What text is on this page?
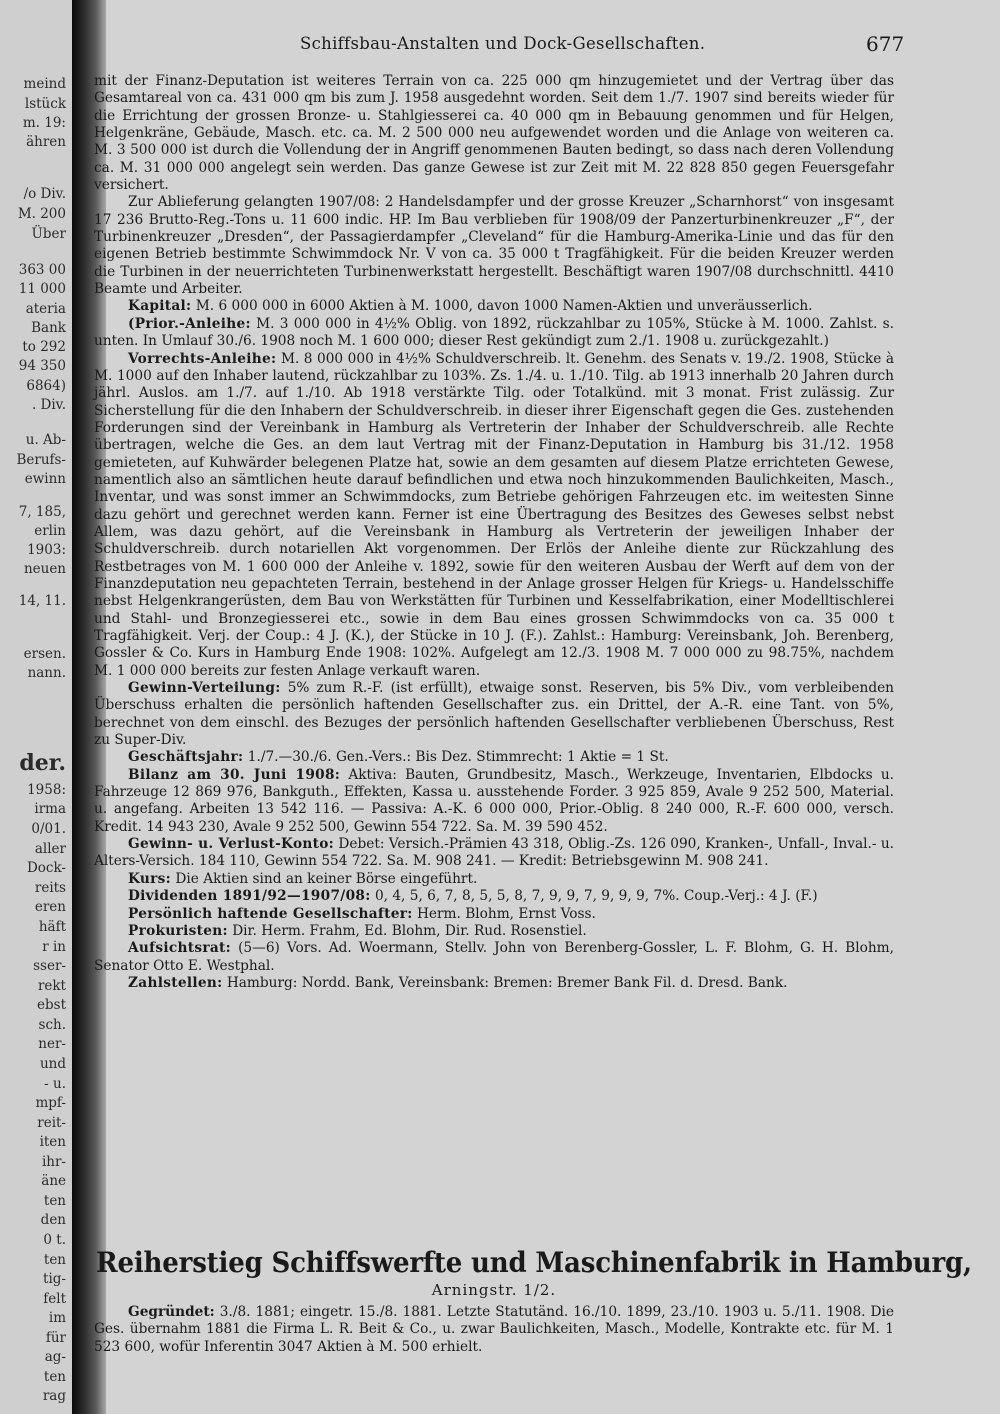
meind
lstück
m. 19:
ähren
/o Div.
M. 200
Über
363 00
11 000
ateria
Bank
to 292
94 350
6864)
. Div.
u. Ab-
Berufs-
ewinn
7, 185,
erlin
1903:
neuen
14, 11.
ersen.
nann.
der.
1958:
irma
0/01.
aller
Dock-
reits
eren
häft
r in
sser-
rekt
ebst
sch.
ner-
und
- u.
mpf-
reit-
iten
ihr-
äne
ten
den
0 t.
ten
tig-
felt
im
für
ag-
ten
rag
Schiffsbau-Anstalten und Dock-Gesellschaften.	677

mit der Finanz-Deputation ist weiteres Terrain von ca. 225 000 qm hinzugemietet und der Vertrag über das Gesamtareal von ca. 431 000 qm bis zum J. 1958 ausgedehnt worden. Seit dem 1./7. 1907 sind bereits wieder für die Errichtung der grossen Bronze- u. Stahlgiesserei ca. 40 000 qm in Bebauung genommen und für Helgen, Helgenkräne, Gebäude, Masch. etc. ca. M. 2 500 000 neu aufgewendet worden und die Anlage von weiteren ca. M. 3 500 000 ist durch die Vollendung der in Angriff genommenen Bauten bedingt, so dass nach deren Vollendung ca. M. 31 000 000 angelegt sein werden. Das ganze Gewese ist zur Zeit mit M. 22 828 850 gegen Feuersgefahr versichert.

Zur Ablieferung gelangten 1907/08: 2 Handelsdampfer und der grosse Kreuzer „Scharnhorst“ von insgesamt 17 236 Brutto-Reg.-Tons u. 11 600 indic. HP. Im Bau verblieben für 1908/09 der Panzerturbinenkreuzer „F“, der Turbinenkreuzer „Dresden“, der Passagierdampfer „Cleveland“ für die Hamburg-Amerika-Linie und das für den eigenen Betrieb bestimmte Schwimmdock Nr. V von ca. 35 000 t Tragfähigkeit. Für die beiden Kreuzer werden die Turbinen in der neuerrichteten Turbinenwerkstatt hergestellt. Beschäftigt waren 1907/08 durchschnittl. 4410 Beamte und Arbeiter.

Kapital: M. 6 000 000 in 6000 Aktien à M. 1000, davon 1000 Namen-Aktien und unveräusserlich.

(Prior.-Anleihe: M. 3 000 000 in 4½% Oblig. von 1892, rückzahlbar zu 105%, Stücke à M. 1000. Zahlst. s. unten. In Umlauf 30./6. 1908 noch M. 1 600 000; dieser Rest gekündigt zum 2./1. 1908 u. zurückgezahlt.)

Vorrechts-Anleihe: M. 8 000 000 in 4½% Schuldverschreib. lt. Genehm. des Senats v. 19./2. 1908, Stücke à M. 1000 auf den Inhaber lautend, rückzahlbar zu 103%. Zs. 1./4. u. 1./10. Tilg. ab 1913 innerhalb 20 Jahren durch jährl. Auslos. am 1./7. auf 1./10. Ab 1918 verstärkte Tilg. oder Totalkünd. mit 3 monat. Frist zulässig. Zur Sicherstellung für die den Inhabern der Schuldverschreib. in dieser ihrer Eigenschaft gegen die Ges. zustehenden Forderungen sind der Vereinbank in Hamburg als Vertreterin der Inhaber der Schuldverschreib. alle Rechte übertragen, welche die Ges. an dem laut Vertrag mit der Finanz-Deputation in Hamburg bis 31./12. 1958 gemieteten, auf Kuhwärder belegenen Platze hat, sowie an dem gesamten auf diesem Platze errichteten Gewese, namentlich also an sämtlichen heute darauf befindlichen und etwa noch hinzukommenden Baulichkeiten, Masch., Inventar, und was sonst immer an Schwimmdocks, zum Betriebe gehörigen Fahrzeugen etc. im weitesten Sinne dazu gehört und gerechnet werden kann. Ferner ist eine Übertragung des Besitzes des Geweses selbst nebst Allem, was dazu gehört, auf die Vereinsbank in Hamburg als Vertreterin der jeweiligen Inhaber der Schuldverschreib. durch notariellen Akt vorgenommen. Der Erlös der Anleihe diente zur Rückzahlung des Restbetrages von M. 1 600 000 der Anleihe v. 1892, sowie für den weiteren Ausbau der Werft auf dem von der Finanzdeputation neu gepachteten Terrain, bestehend in der Anlage grosser Helgen für Kriegs- u. Handelsschiffe nebst Helgenkrangerüsten, dem Bau von Werkstätten für Turbinen und Kesselfabrikation, einer Modelltischlerei und Stahl- und Bronzegiesserei etc., sowie in dem Bau eines grossen Schwimmdocks von ca. 35 000 t Tragfähigkeit. Verj. der Coup.: 4 J. (K.), der Stücke in 10 J. (F.). Zahlst.: Hamburg: Vereinsbank, Joh. Berenberg, Gossler & Co. Kurs in Hamburg Ende 1908: 102%. Aufgelegt am 12./3. 1908 M. 7 000 000 zu 98.75%, nachdem M. 1 000 000 bereits zur festen Anlage verkauft waren.

Gewinn-Verteilung: 5% zum R.-F. (ist erfüllt), etwaige sonst. Reserven, bis 5% Div., vom verbleibenden Überschuss erhalten die persönlich haftenden Gesellschafter zus. ein Drittel, der A.-R. eine Tant. von 5%, berechnet von dem einschl. des Bezuges der persönlich haftenden Gesellschafter verbliebenen Überschuss, Rest zu Super-Div.

Geschäftsjahr: 1./7.—30./6. Gen.-Vers.: Bis Dez. Stimmrecht: 1 Aktie = 1 St.

Bilanz am 30. Juni 1908: Aktiva: Bauten, Grundbesitz, Masch., Werkzeuge, Inventarien, Elbdocks u. Fahrzeuge 12 869 976, Bankguth., Effekten, Kassa u. ausstehende Forder. 3 925 859, Avale 9 252 500, Material. u. angefang. Arbeiten 13 542 116. — Passiva: A.-K. 6 000 000, Prior.-Oblig. 8 240 000, R.-F. 600 000, versch. Kredit. 14 943 230, Avale 9 252 500, Gewinn 554 722. Sa. M. 39 590 452.

Gewinn- u. Verlust-Konto: Debet: Versich.-Prämien 43 318, Oblig.-Zs. 126 090, Kranken-, Unfall-, Inval.- u. Alters-Versich. 184 110, Gewinn 554 722. Sa. M. 908 241. — Kredit: Betriebsgewinn M. 908 241.

Kurs: Die Aktien sind an keiner Börse eingeführt.

Dividenden 1891/92—1907/08: 0, 4, 5, 6, 7, 8, 5, 5, 8, 7, 9, 9, 7, 9, 9, 9, 7%. Coup.-Verj.: 4 J. (F.)

Persönlich haftende Gesellschafter: Herm. Blohm, Ernst Voss.

Prokuristen: Dir. Herm. Frahm, Ed. Blohm, Dir. Rud. Rosenstiel.

Aufsichtsrat: (5—6) Vors. Ad. Woermann, Stellv. John von Berenberg-Gossler, L. F. Blohm, G. H. Blohm, Senator Otto E. Westphal.

Zahlstellen: Hamburg: Nordd. Bank, Vereinsbank: Bremen: Bremer Bank Fil. d. Dresd. Bank.

Reiherstieg Schiffswerfte und Maschinenfabrik in Hamburg,
Arningstr. 1/2.
Gegründet: 3./8. 1881; eingetr. 15./8. 1881. Letzte Statutänd. 16./10. 1899, 23./10. 1903 u. 5./11. 1908. Die Ges. übernahm 1881 die Firma L. R. Beit & Co., u. zwar Baulichkeiten, Masch., Modelle, Kontrakte etc. für M. 1 523 600, wofür Inferentin 3047 Aktien à M. 500 erhielt.
